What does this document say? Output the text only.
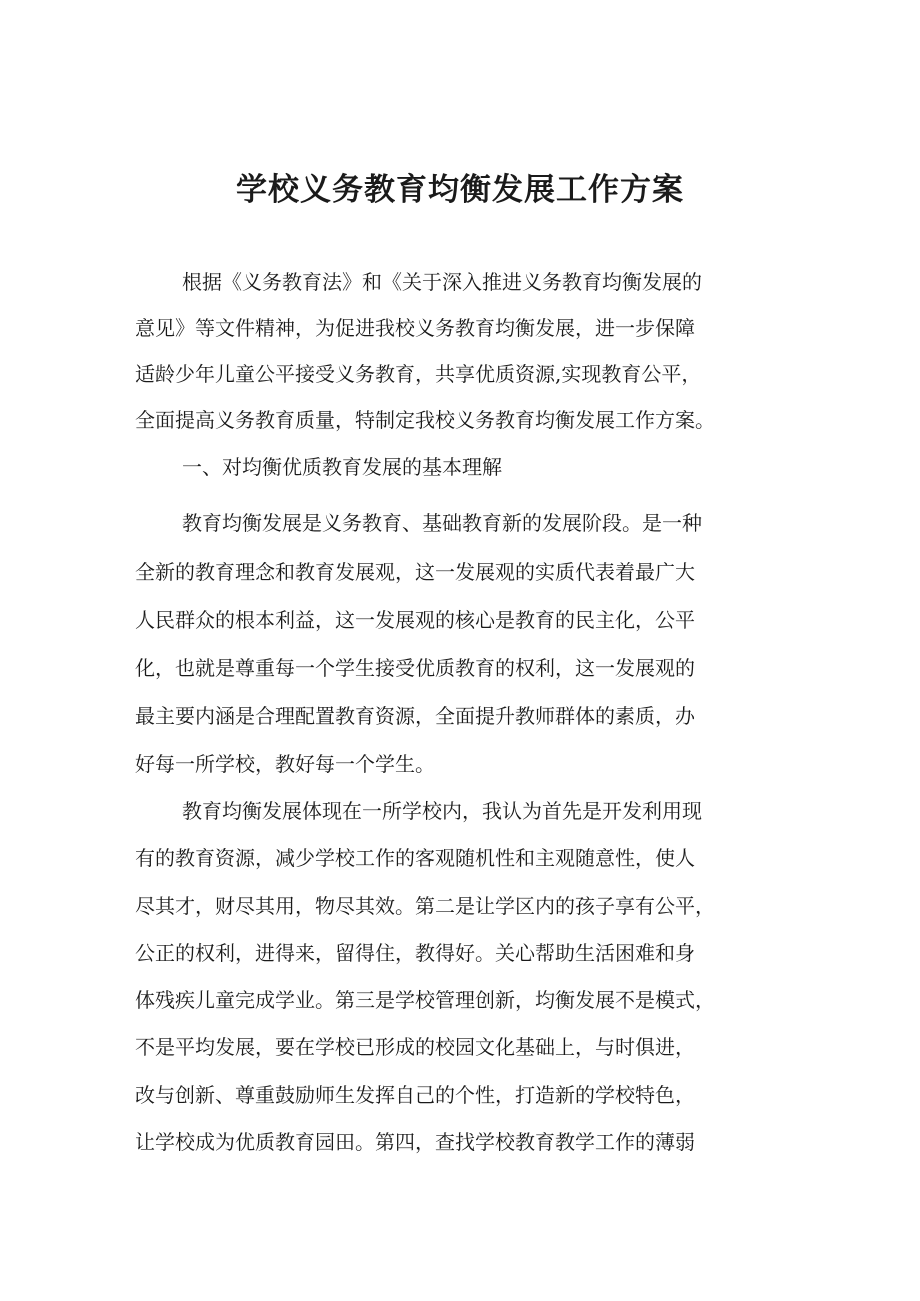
学校义务教育均衡发展工作方案
根据《义务教育法》和《关于深入推进义务教育均衡发展的
意见》等文件精神，为促进我校义务教育均衡发展，进一步保障
适龄少年儿童公平接受义务教育，共享优质资源,实现教育公平，
全面提高义务教育质量，特制定我校义务教育均衡发展工作方案。
一、对均衡优质教育发展的基本理解
教育均衡发展是义务教育、基础教育新的发展阶段。是一种
全新的教育理念和教育发展观，这一发展观的实质代表着最广大
人民群众的根本利益，这一发展观的核心是教育的民主化，公平
化，也就是尊重每一个学生接受优质教育的权利，这一发展观的
最主要内涵是合理配置教育资源，全面提升教师群体的素质，办
好每一所学校，教好每一个学生。
教育均衡发展体现在一所学校内，我认为首先是开发利用现
有的教育资源，减少学校工作的客观随机性和主观随意性，使人
尽其才，财尽其用，物尽其效。第二是让学区内的孩子享有公平，
公正的权利，进得来，留得住，教得好。关心帮助生活困难和身
体残疾儿童完成学业。第三是学校管理创新，均衡发展不是模式，
不是平均发展，要在学校已形成的校园文化基础上，与时俱进，
改与创新、尊重鼓励师生发挥自己的个性，打造新的学校特色，
让学校成为优质教育园田。第四，查找学校教育教学工作的薄弱
